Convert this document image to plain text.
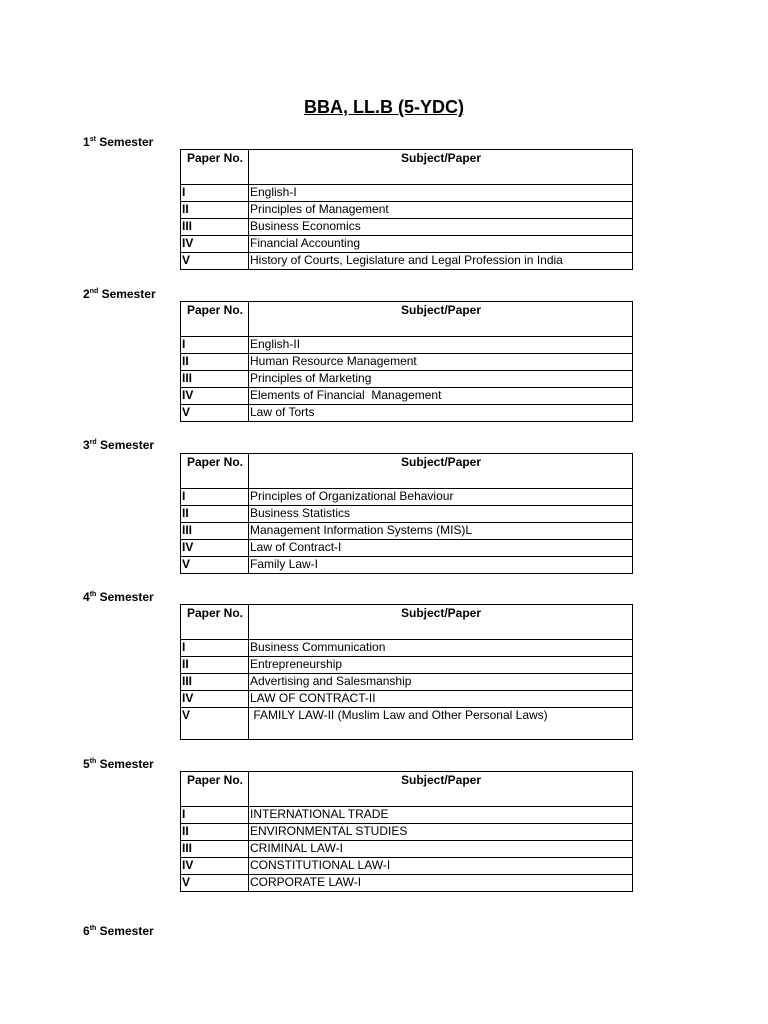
BBA, LL.B (5-YDC)
1st Semester
Paper No.	Subject/Paper
I	English-I
II	Principles of Management
III	Business Economics
IV	Financial Accounting
V	History of Courts, Legislature and Legal Profession in India
2nd Semester
Paper No.	Subject/Paper
I	English-II
II	Human Resource Management
III	Principles of Marketing
IV	Elements of Financial  Management
V	Law of Torts
3rd Semester
Paper No.	Subject/Paper
I	Principles of Organizational Behaviour
II	Business Statistics
III	Management Information Systems (MIS)L
IV	Law of Contract-I
V	Family Law-I
4th Semester
Paper No.	Subject/Paper
I	Business Communication
II	Entrepreneurship
III	Advertising and Salesmanship
IV	LAW OF CONTRACT-II
V	FAMILY LAW-II (Muslim Law and Other Personal Laws)
5th Semester
Paper No.	Subject/Paper
I	INTERNATIONAL TRADE
II	ENVIRONMENTAL STUDIES
III	CRIMINAL LAW-I
IV	CONSTITUTIONAL LAW-I
V	CORPORATE LAW-I
6th Semester
